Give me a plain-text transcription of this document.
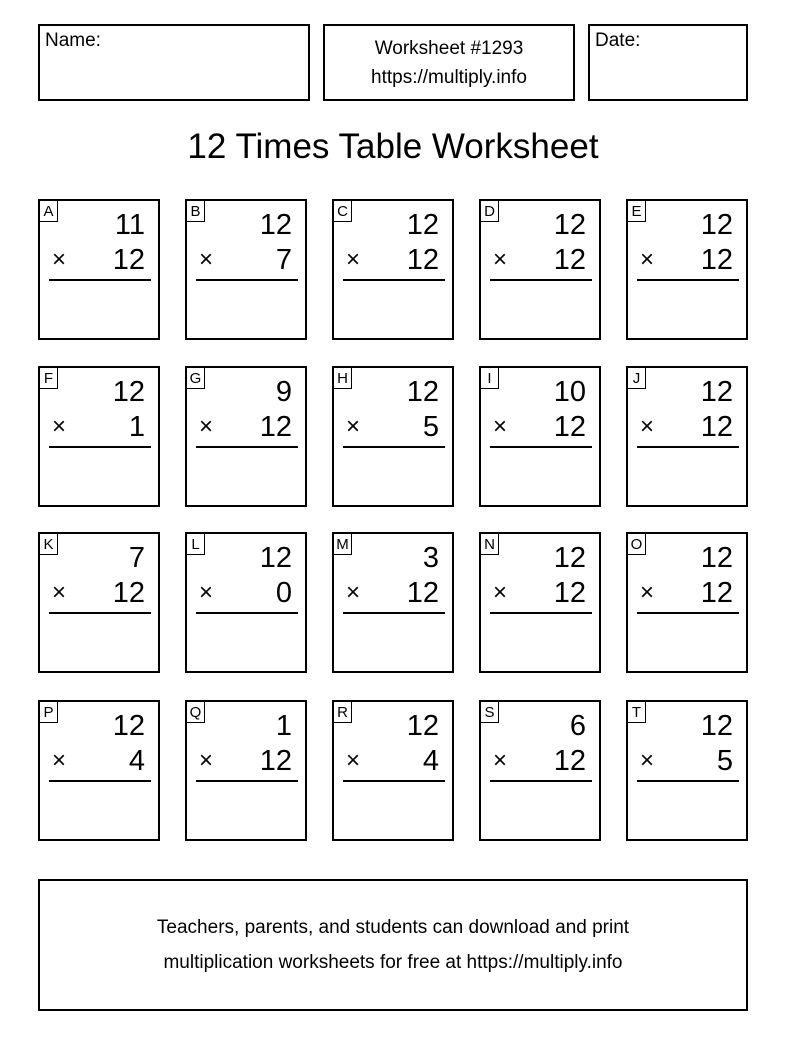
Name:	Worksheet #1293
https://multiply.info
Date:
12 Times Table Worksheet
A 11
× 12
B 12
× 7
C 12
× 12
D 12
× 12
E 12
× 12
F 12
× 1
G	9
× 12
H 12
× 5
I 10
× 12
J 12
× 12
K	7
× 12
L 12
× 0
M	3
× 12
N 12
× 12
O 12
× 12
P 12
× 4
Q	1
× 12
R 12
× 4
S	6
× 12
T 12
× 5
Teachers, parents, and students can download and print
multiplication worksheets for free at https://multiply.info
